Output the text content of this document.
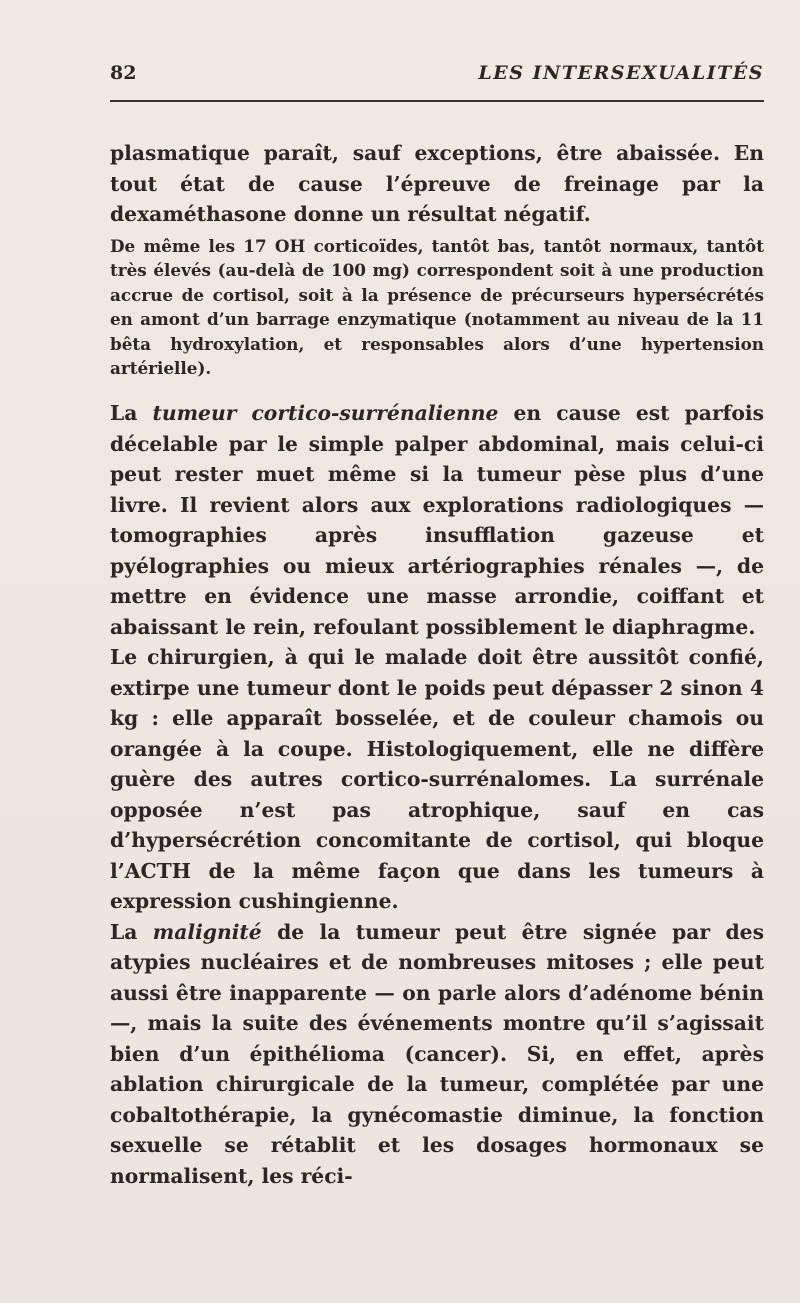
82	LES INTERSEXUALITÉS

plasmatique paraît, sauf exceptions, être abaissée. En tout état de cause l’épreuve de freinage par la dexaméthasone donne un résultat négatif.

De même les 17 OH corticoïdes, tantôt bas, tantôt normaux, tantôt très élevés (au-delà de 100 mg) correspondent soit à une production accrue de cortisol, soit à la présence de précurseurs hypersécrétés en amont d’un barrage enzymatique (notamment au niveau de la 11 bêta hydroxylation, et responsables alors d’une hypertension artérielle).

La tumeur cortico-surrénalienne en cause est parfois décelable par le simple palper abdominal, mais celui-ci peut rester muet même si la tumeur pèse plus d’une livre. Il revient alors aux explorations radiologiques — tomographies après insufflation gazeuse et pyélographies ou mieux artériographies rénales —, de mettre en évidence une masse arrondie, coiffant et abaissant le rein, refoulant possiblement le diaphragme.

Le chirurgien, à qui le malade doit être aussitôt confié, extirpe une tumeur dont le poids peut dépasser 2 sinon 4 kg : elle apparaît bosselée, et de couleur chamois ou orangée à la coupe. Histologiquement, elle ne diffère guère des autres cortico-surrénalomes. La surrénale opposée n’est pas atrophique, sauf en cas d’hypersécrétion concomitante de cortisol, qui bloque l’ACTH de la même façon que dans les tumeurs à expression cushingienne.

La malignité de la tumeur peut être signée par des atypies nucléaires et de nombreuses mitoses ; elle peut aussi être inapparente — on parle alors d’adénome bénin —, mais la suite des événements montre qu’il s’agissait bien d’un épithélioma (cancer). Si, en effet, après ablation chirurgicale de la tumeur, complétée par une cobaltothérapie, la gynécomastie diminue, la fonction sexuelle se rétablit et les dosages hormonaux se normalisent, les réci-
